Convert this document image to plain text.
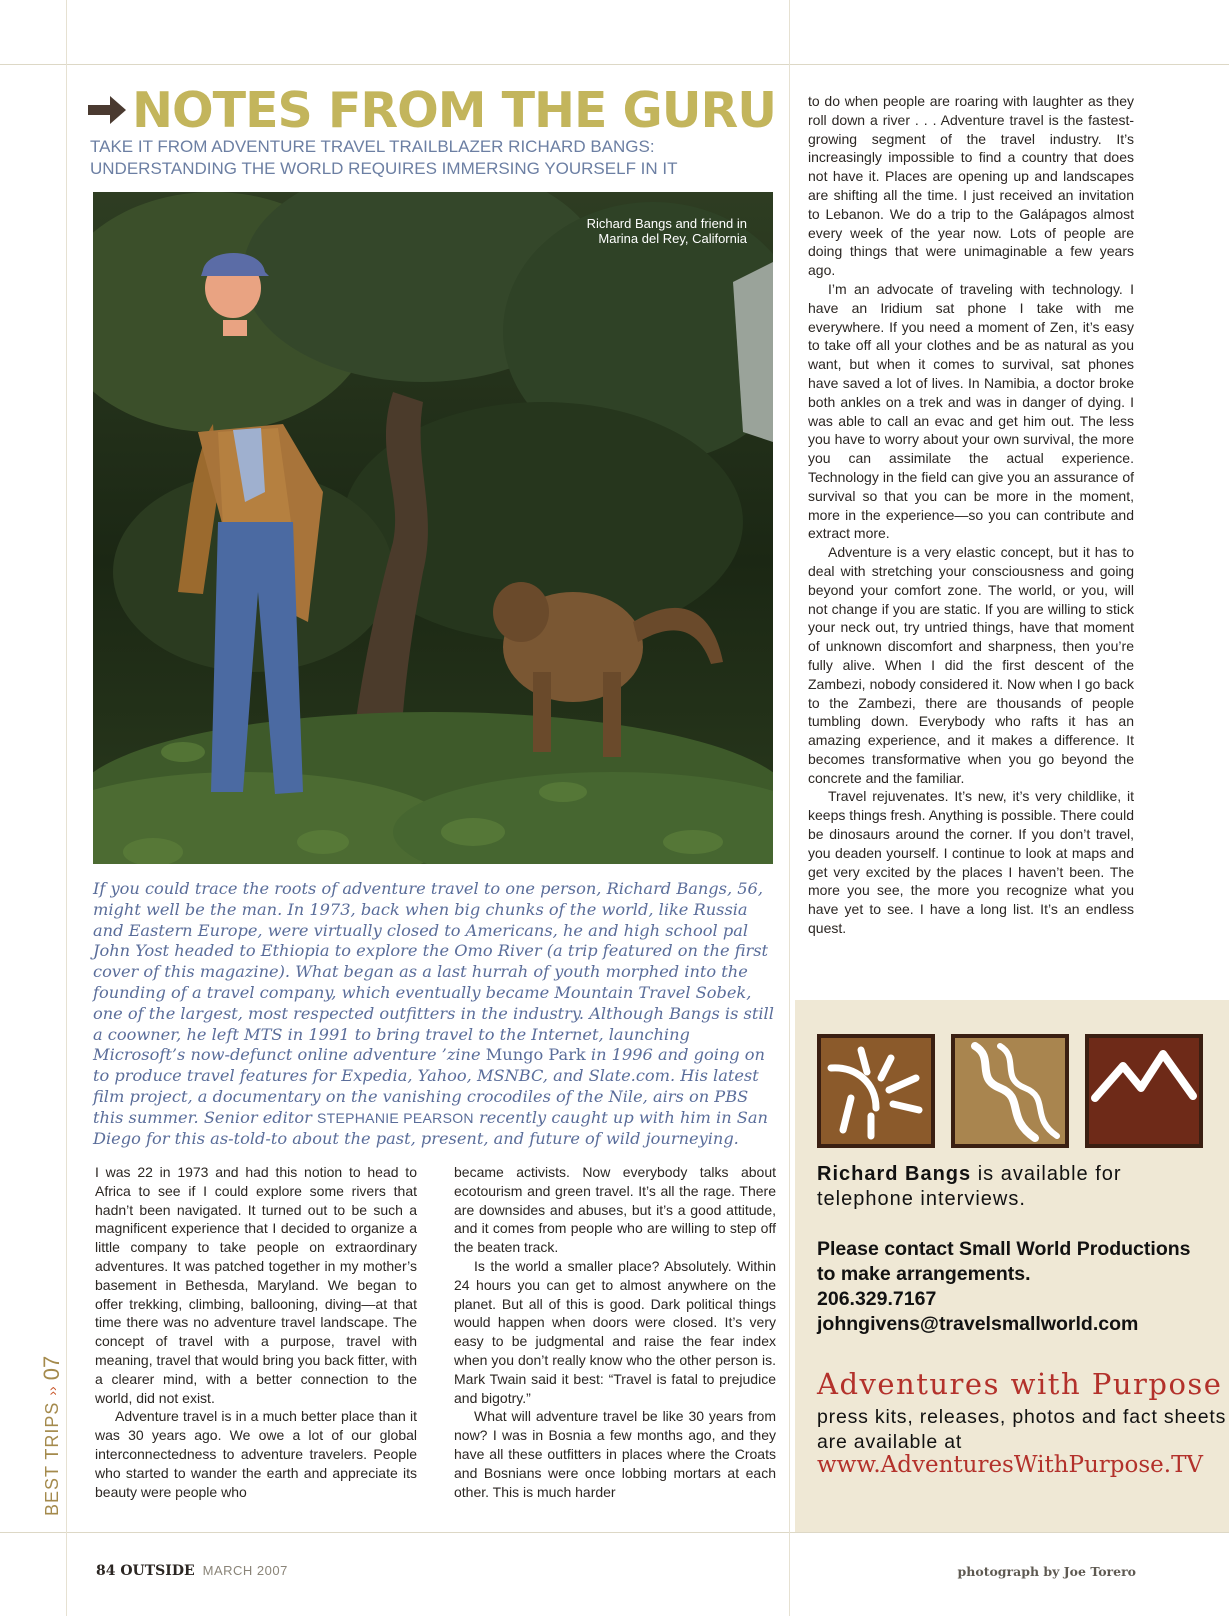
NOTES FROM THE GURU
TAKE IT FROM ADVENTURE TRAVEL TRAILBLAZER RICHARD BANGS:
UNDERSTANDING THE WORLD REQUIRES IMMERSING YOURSELF IN IT
Richard Bangs and friend in Marina del Rey, California
If you could trace the roots of adventure travel to one person, Richard Bangs, 56, might well be the man. In 1973, back when big chunks of the world, like Russia and Eastern Europe, were virtually closed to Americans, he and high school pal John Yost headed to Ethiopia to explore the Omo River (a trip featured on the first cover of this magazine). What began as a last hurrah of youth morphed into the founding of a travel company, which eventually became Mountain Travel Sobek, one of the largest, most respected outfitters in the industry. Although Bangs is still a coowner, he left MTS in 1991 to bring travel to the Internet, launching Microsoft’s now-defunct online adventure ’zine Mungo Park in 1996 and going on to produce travel features for Expedia, Yahoo, MSNBC, and Slate.com. His latest film project, a documentary on the vanishing crocodiles of the Nile, airs on PBS this summer. Senior editor STEPHANIE PEARSON recently caught up with him in San Diego for this as-told-to about the past, present, and future of wild journeying.

I was 22 in 1973 and had this notion to head to Africa to see if I could explore some rivers that hadn’t been navigated. It turned out to be such a magnificent experience that I decided to organize a little company to take people on extraordinary adventures. It was patched together in my mother’s basement in Bethesda, Maryland. We began to offer trekking, climbing, ballooning, diving—at that time there was no adventure travel landscape. The concept of travel with a purpose, travel with meaning, travel that would bring you back fitter, with a clearer mind, with a better connection to the world, did not exist.

Adventure travel is in a much better place than it was 30 years ago. We owe a lot of our global interconnectedness to adventure travelers. People who started to wander the earth and appreciate its beauty were people who

became activists. Now everybody talks about ecotourism and green travel. It’s all the rage. There are downsides and abuses, but it’s a good attitude, and it comes from people who are willing to step off the beaten track.

Is the world a smaller place? Absolutely. Within 24 hours you can get to almost anywhere on the planet. But all of this is good. Dark political things would happen when doors were closed. It’s very easy to be judgmental and raise the fear index when you don’t really know who the other person is. Mark Twain said it best: “Travel is fatal to prejudice and bigotry.”

What will adventure travel be like 30 years from now? I was in Bosnia a few months ago, and they have all these outfitters in places where the Croats and Bosnians were once lobbing mortars at each other. This is much harder

to do when people are roaring with laughter as they roll down a river . . . Adventure travel is the fastest-growing segment of the travel industry. It’s increasingly impossible to find a country that does not have it. Places are opening up and landscapes are shifting all the time. I just received an invitation to Lebanon. We do a trip to the Galápagos almost every week of the year now. Lots of people are doing things that were unimaginable a few years ago.

I’m an advocate of traveling with technology. I have an Iridium sat phone I take with me everywhere. If you need a moment of Zen, it’s easy to take off all your clothes and be as natural as you want, but when it comes to survival, sat phones have saved a lot of lives. In Namibia, a doctor broke both ankles on a trek and was in danger of dying. I was able to call an evac and get him out. The less you have to worry about your own survival, the more you can assimilate the actual experience. Technology in the field can give you an assurance of survival so that you can be more in the moment, more in the experience—so you can contribute and extract more.

Adventure is a very elastic concept, but it has to deal with stretching your consciousness and going beyond your comfort zone. The world, or you, will not change if you are static. If you are willing to stick your neck out, try untried things, have that moment of unknown discomfort and sharpness, then you’re fully alive. When I did the first descent of the Zambezi, nobody considered it. Now when I go back to the Zambezi, there are thousands of people tumbling down. Everybody who rafts it has an amazing experience, and it makes a difference. It becomes transformative when you go beyond the concrete and the familiar.

Travel rejuvenates. It’s new, it’s very childlike, it keeps things fresh. Anything is possible. There could be dinosaurs around the corner. If you don’t travel, you deaden yourself. I continue to look at maps and get very excited by the places I haven’t been. The more you see, the more you recognize what you have yet to see. I have a long list. It’s an endless quest.

BEST TRIPS
››
07
Richard Bangs is available for telephone interviews.
Please contact Small World Productions
to make arrangements.
206.329.7167
johngivens@travelsmallworld.com
Adventures with Purpose
press kits, releases, photos and fact sheets are available at
www.AdventuresWithPurpose.TV
84 OUTSIDE MARCH 2007	photograph by Joe Torero
